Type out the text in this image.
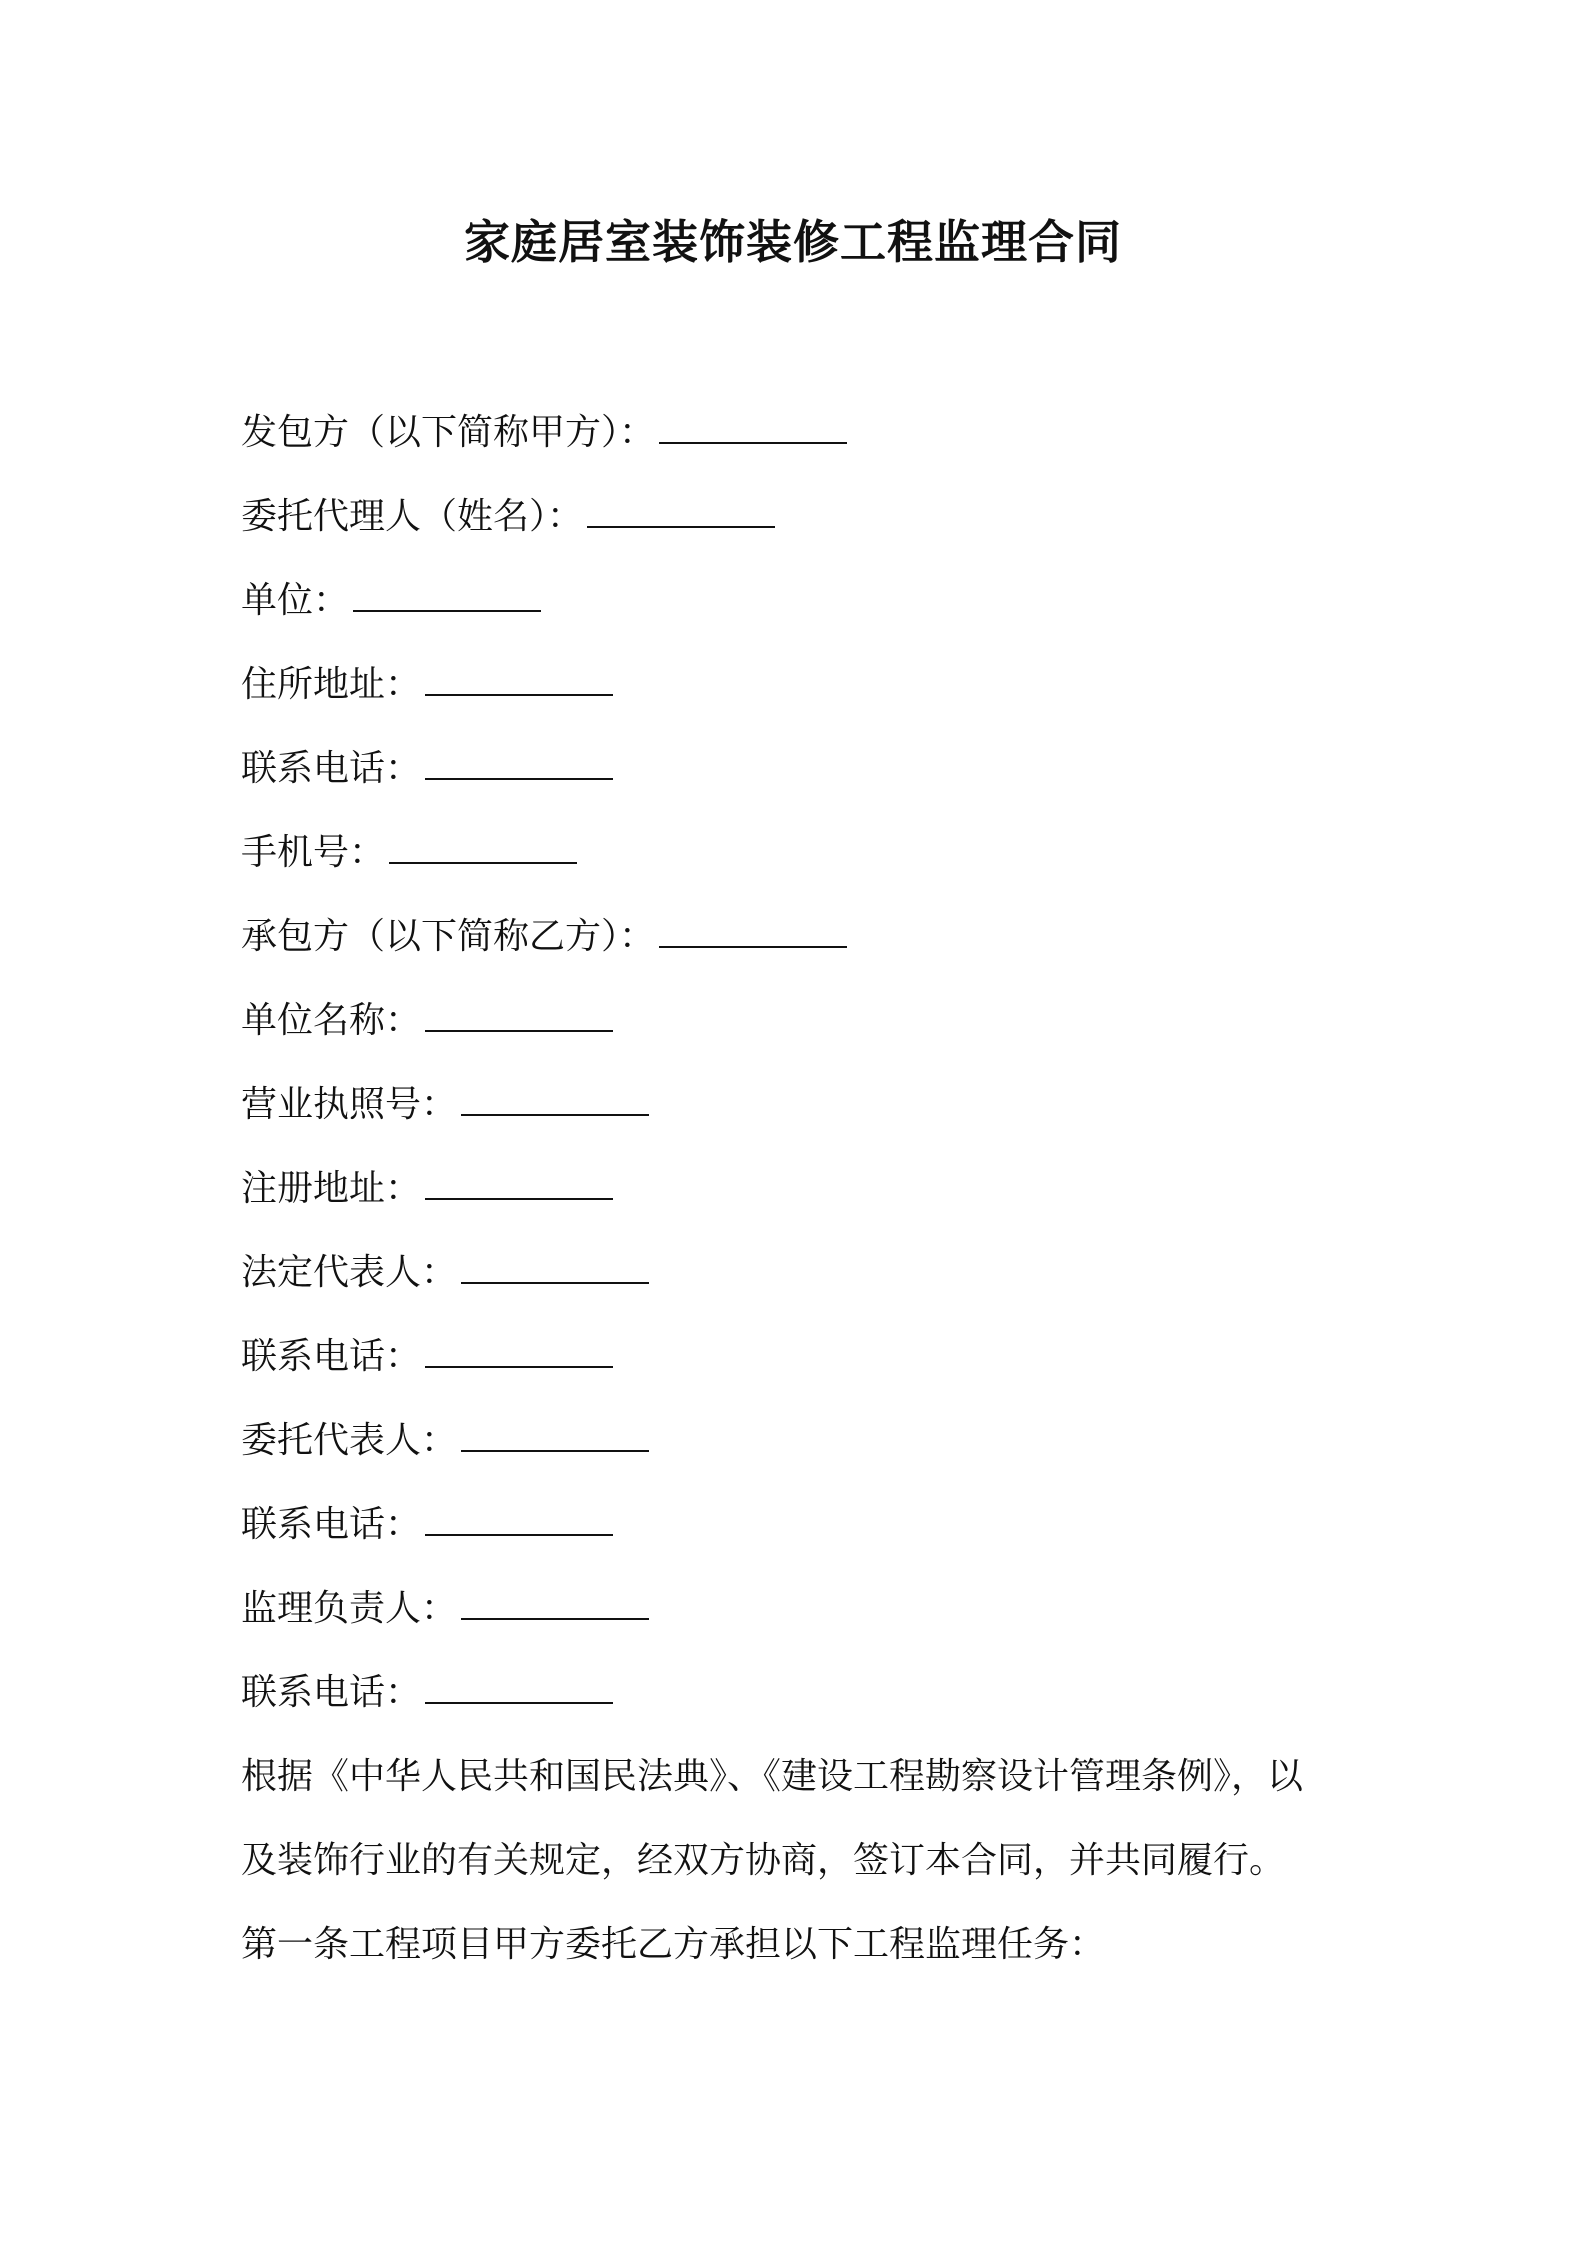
家庭居室装饰装修工程监理合同
发包方（以下简称甲方）：
委托代理人（姓名）：
单位：
住所地址：
联系电话：
手机号：
承包方（以下简称乙方）：
单位名称：
营业执照号：
注册地址：
法定代表人：
联系电话：
委托代表人：
联系电话：
监理负责人：
联系电话：
根据《中华人民共和国民法典》、《建设工程勘察设计管理条例》，以
及装饰行业的有关规定，经双方协商，签订本合同，并共同履行。
第一条工程项目甲方委托乙方承担以下工程监理任务：
